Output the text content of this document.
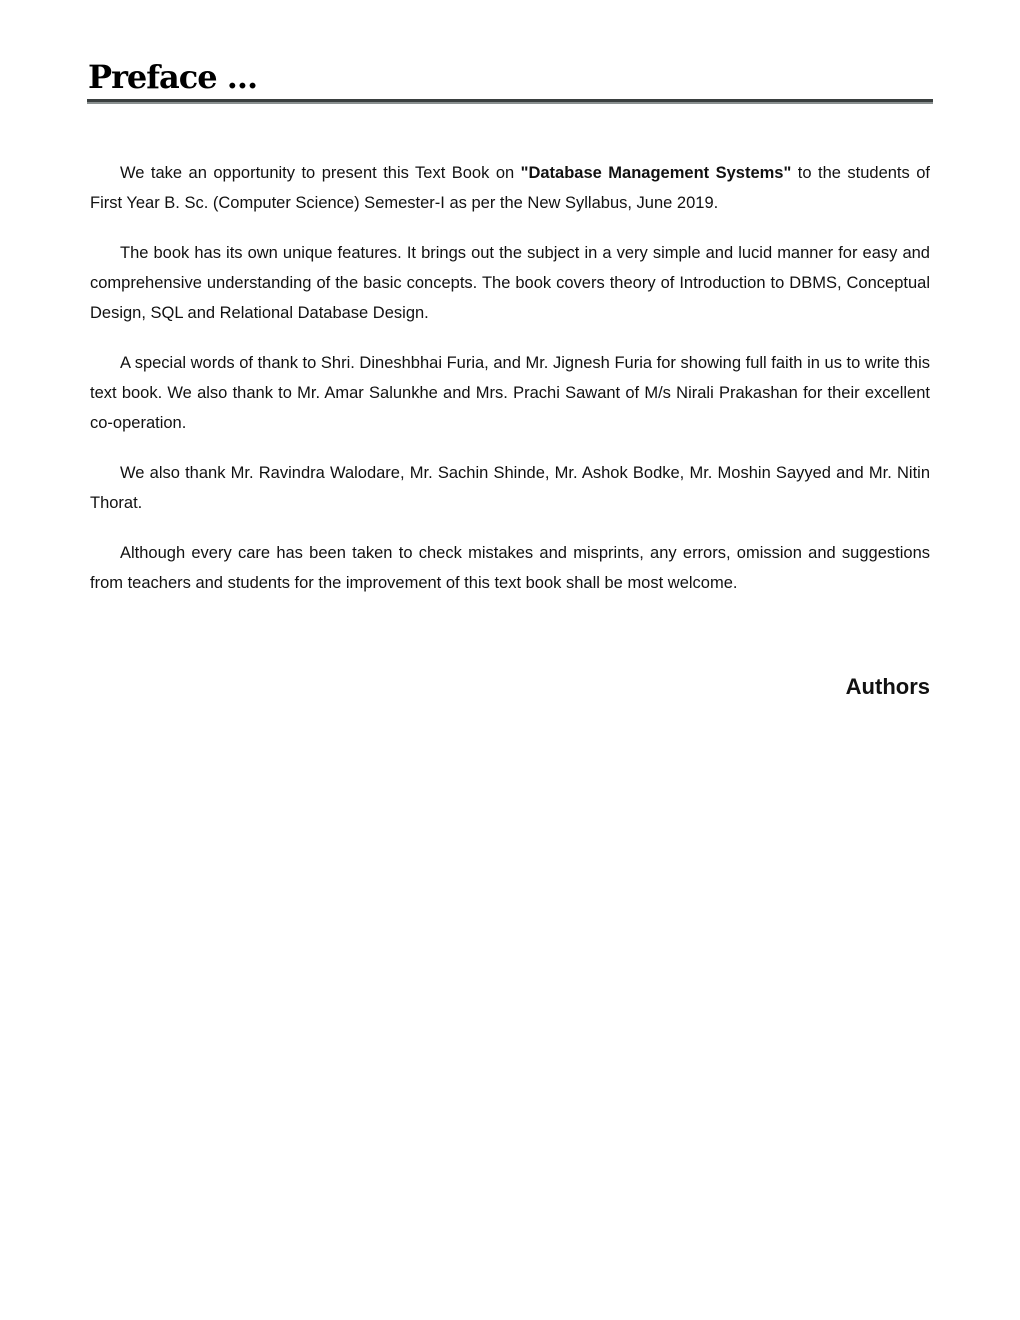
Preface ...

We take an opportunity to present this Text Book on "Database Management Systems" to the students of First Year B. Sc. (Computer Science) Semester-I as per the New Syllabus, June 2019.

The book has its own unique features. It brings out the subject in a very simple and lucid manner for easy and comprehensive understanding of the basic concepts. The book covers theory of Introduction to DBMS, Conceptual Design, SQL and Relational Database Design.

A special words of thank to Shri. Dineshbhai Furia, and Mr. Jignesh Furia for showing full faith in us to write this text book. We also thank to Mr. Amar Salunkhe and Mrs. Prachi Sawant of M/s Nirali Prakashan for their excellent co-operation.

We also thank Mr. Ravindra Walodare, Mr. Sachin Shinde, Mr. Ashok Bodke, Mr. Moshin Sayyed and Mr. Nitin Thorat.

Although every care has been taken to check mistakes and misprints, any errors, omission and suggestions from teachers and students for the improvement of this text book shall be most welcome.

Authors
